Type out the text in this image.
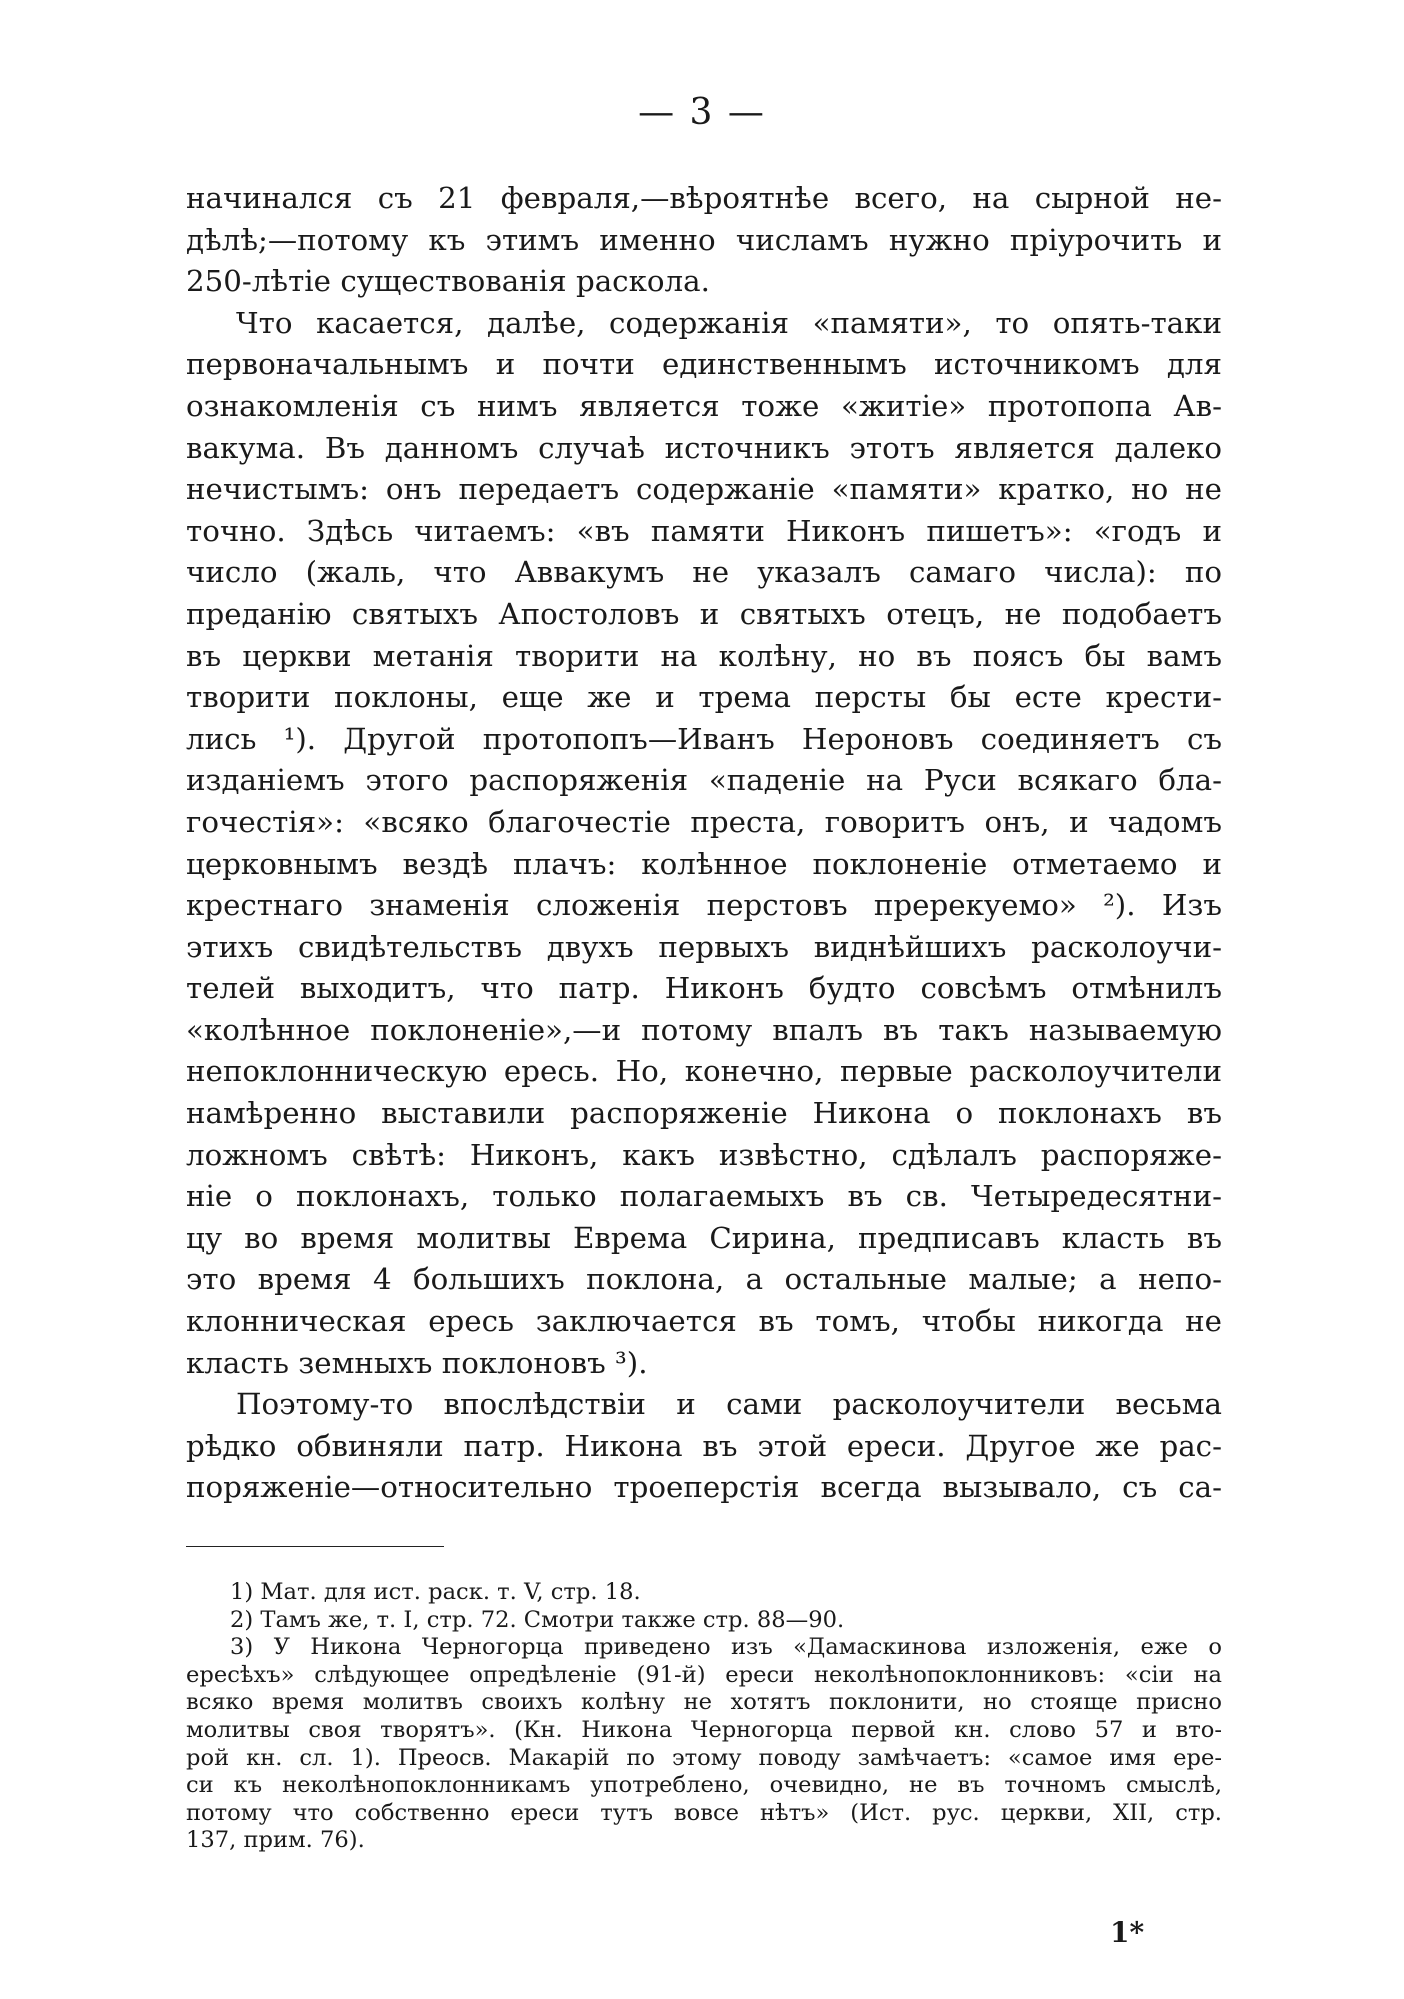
— 3 —
начинался съ 21 февраля,—вѣроятнѣе всего, на сырной не-
дѣлѣ;—потому къ этимъ именно числамъ нужно пріурочить и
250-лѣтіе существованія раскола.
Что касается, далѣе, содержанія «памяти», то опять-таки
первоначальнымъ и почти единственнымъ источникомъ для
ознакомленія съ нимъ является тоже «житіе» протопопа Ав-
вакума. Въ данномъ случаѣ источникъ этотъ является далеко
нечистымъ: онъ передаетъ содержаніе «памяти» кратко, но не
точно. Здѣсь читаемъ: «въ памяти Никонъ пишетъ»: «годъ и
число (жаль, что Аввакумъ не указалъ самаго числа): по
преданію святыхъ Апостоловъ и святыхъ отецъ, не подобаетъ
въ церкви метанія творити на колѣну, но въ поясъ бы вамъ
творити поклоны, еще же и трема персты бы есте крести-
лись ¹). Другой протопопъ—Иванъ Нероновъ соединяетъ съ
изданіемъ этого распоряженія «паденіе на Руси всякаго бла-
гочестія»: «всяко благочестіе преста, говоритъ онъ, и чадомъ
церковнымъ вездѣ плачъ: колѣнное поклоненіе отметаемо и
крестнаго знаменія сложенія перстовъ пререкуемо» ²). Изъ
этихъ свидѣтельствъ двухъ первыхъ виднѣйшихъ расколоучи-
телей выходитъ, что патр. Никонъ будто совсѣмъ отмѣнилъ
«колѣнное поклоненіе»,—и потому впалъ въ такъ называемую
непоклонническую ересь. Но, конечно, первые расколоучители
намѣренно выставили распоряженіе Никона о поклонахъ въ
ложномъ свѣтѣ: Никонъ, какъ извѣстно, сдѣлалъ распоряже-
ніе о поклонахъ, только полагаемыхъ въ св. Четыредесятни-
цу во время молитвы Еврема Сирина, предписавъ класть въ
это время 4 большихъ поклона, а остальные малые; а непо-
клонническая ересь заключается въ томъ, чтобы никогда не
класть земныхъ поклоновъ ³).
Поэтому-то впослѣдствіи и сами расколоучители весьма
рѣдко обвиняли патр. Никона въ этой ереси. Другое же рас-
поряженіе—относительно троеперстія всегда вызывало, съ са-
1) Мат. для ист. раск. т. V, стр. 18.
2) Тамъ же, т. I, стр. 72. Смотри также стр. 88—90.
3) У Никона Черногорца приведено изъ «Дамаскинова изложенія, еже о
ересѣхъ» слѣдующее опредѣленіе (91-й) ереси неколѣнопоклонниковъ: «сіи на
всяко время молитвъ своихъ колѣну не хотятъ поклонити, но стояще присно
молитвы своя творятъ». (Кн. Никона Черногорца первой кн. слово 57 и вто-
рой кн. сл. 1). Преосв. Макарій по этому поводу замѣчаетъ: «самое имя ере-
си къ неколѣнопоклонникамъ употреблено, очевидно, не въ точномъ смыслѣ,
потому что собственно ереси тутъ вовсе нѣтъ» (Ист. рус. церкви, XII, стр.
137, прим. 76).
1*
